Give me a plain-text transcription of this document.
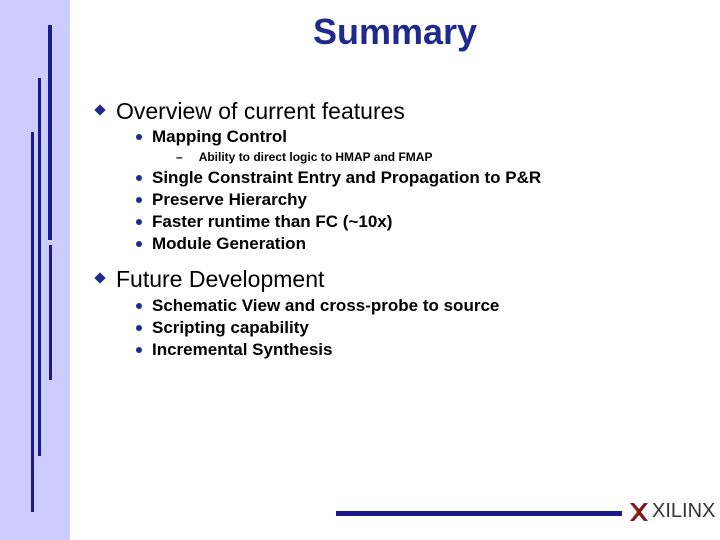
Summary
Overview of current features
Mapping Control
– Ability to direct logic to HMAP and FMAP
Single Constraint Entry and Propagation to P&R
Preserve Hierarchy
Faster runtime than FC (~10x)
Module Generation
Future Development
Schematic View and cross-probe to source
Scripting capability
Incremental Synthesis
XILINX
